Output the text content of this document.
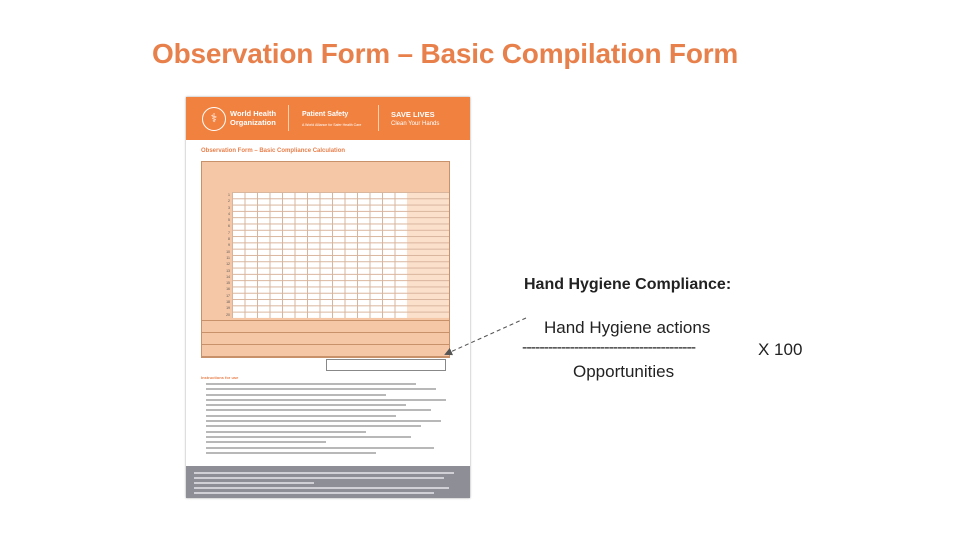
Observation Form – Basic Compilation Form
⚕	World Health Organization
Patient Safety
A World Alliance for Safer Health Care
SAVE LIVES
Clean Your Hands
Observation Form – Basic Compliance Calculation
1
2
3
4
5
6
7
8
9
10
11
12
13
14
15
16
17
18
19
20
Instructions for use
Hand Hygiene Compliance:
Hand Hygiene actions
----------------------------------------	X 100
Opportunities
